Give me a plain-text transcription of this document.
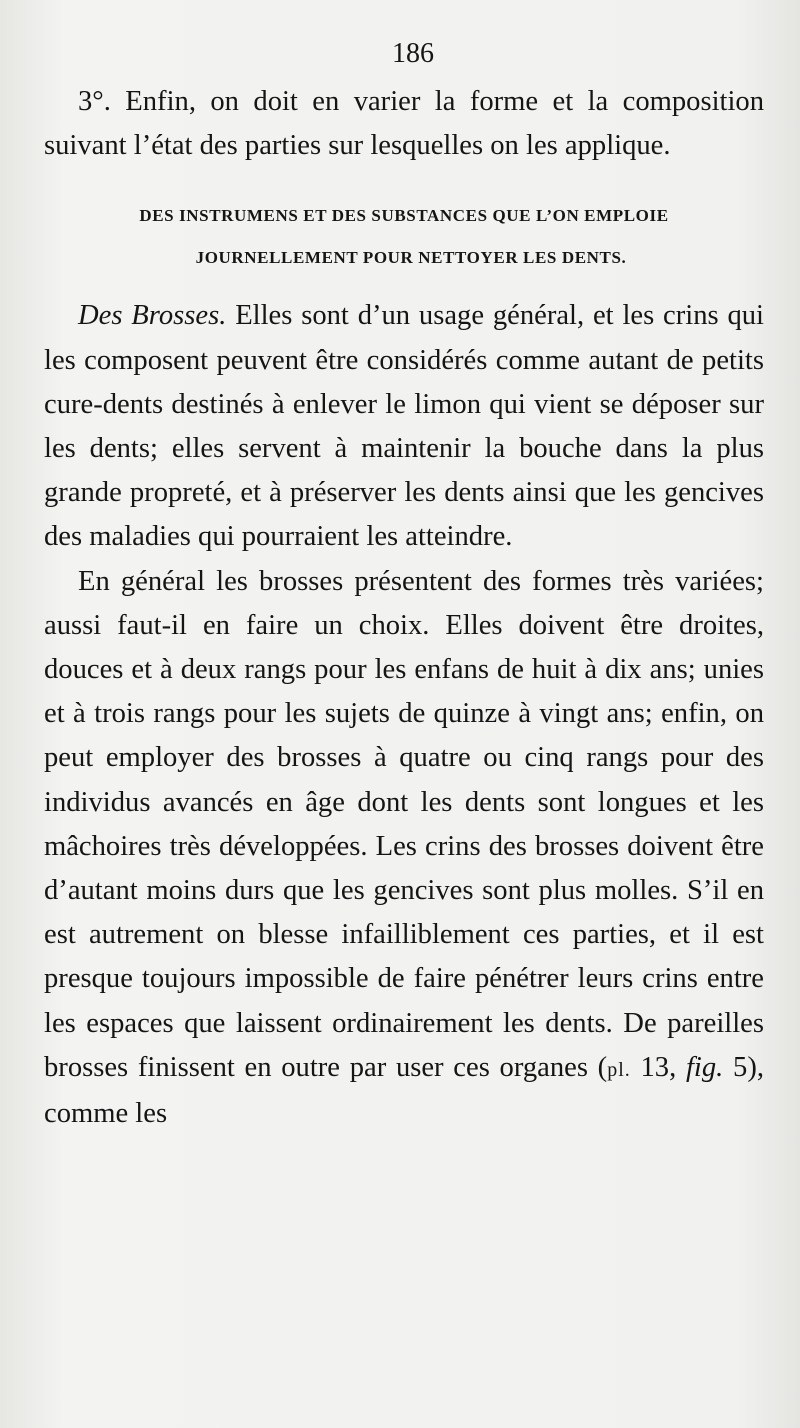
186

3°. Enfin, on doit en varier la forme et la composition suivant l’état des parties sur lesquelles on les applique.

DES INSTRUMENS ET DES SUBSTANCES QUE L’ON EMPLOIE
JOURNELLEMENT POUR NETTOYER LES DENTS.

Des Brosses. Elles sont d’un usage général, et les crins qui les composent peuvent être considérés comme autant de petits cure-dents destinés à enlever le limon qui vient se déposer sur les dents; elles servent à maintenir la bouche dans la plus grande propreté, et à préserver les dents ainsi que les gencives des maladies qui pourraient les atteindre.

En général les brosses présentent des formes très variées; aussi faut-il en faire un choix. Elles doivent être droites, douces et à deux rangs pour les enfans de huit à dix ans; unies et à trois rangs pour les sujets de quinze à vingt ans; enfin, on peut employer des brosses à quatre ou cinq rangs pour des individus avancés en âge dont les dents sont longues et les mâchoires très développées. Les crins des brosses doivent être d’autant moins durs que les gencives sont plus molles. S’il en est autrement on blesse infailliblement ces parties, et il est presque toujours impossible de faire pénétrer leurs crins entre les espaces que laissent ordinairement les dents. De pareilles brosses finissent en outre par user ces organes (pl. 13, fig. 5), comme les
